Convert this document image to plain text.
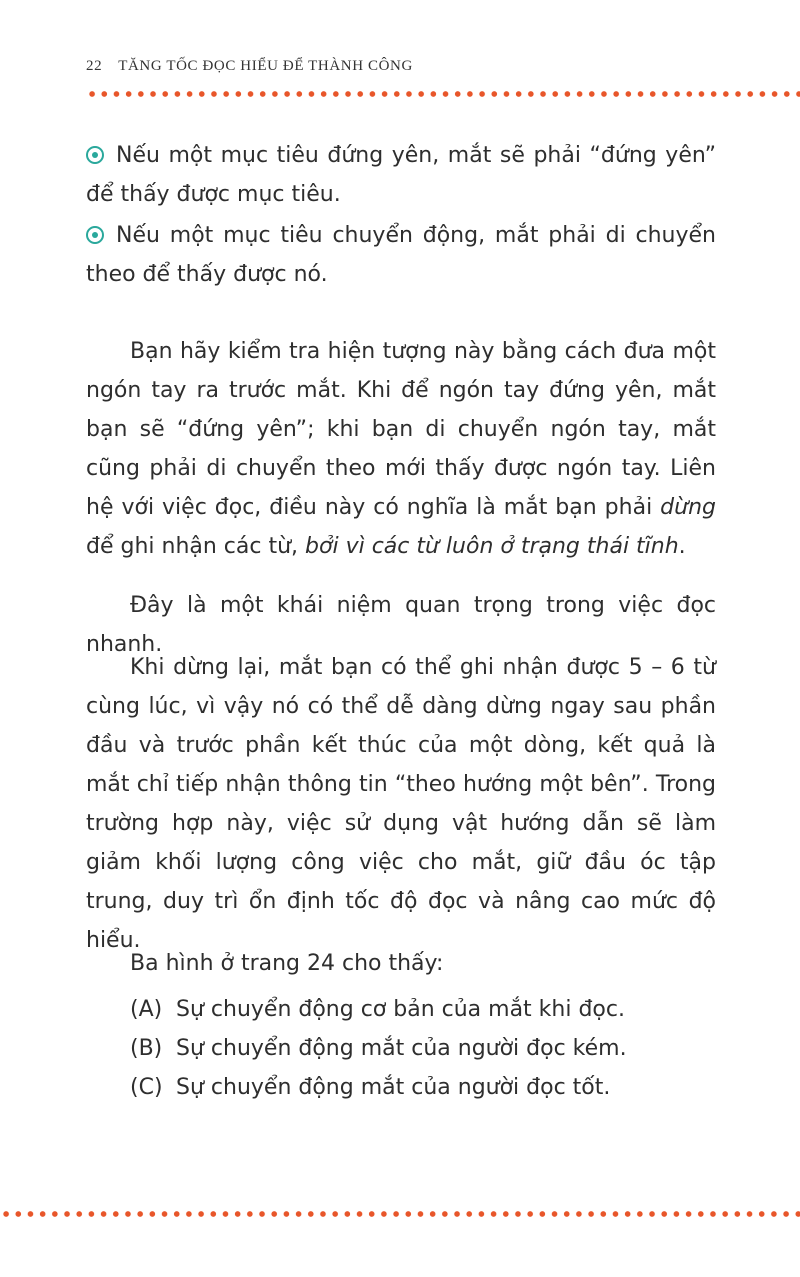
22 TĂNG TỐC ĐỌC HIỂU ĐỂ THÀNH CÔNG
Nếu một mục tiêu đứng yên, mắt sẽ phải “đứng yên” để thấy được mục tiêu.
Nếu một mục tiêu chuyển động, mắt phải di chuyển theo để thấy được nó.
Bạn hãy kiểm tra hiện tượng này bằng cách đưa một ngón tay ra trước mắt. Khi để ngón tay đứng yên, mắt bạn sẽ “đứng yên”; khi bạn di chuyển ngón tay, mắt cũng phải di chuyển theo mới thấy được ngón tay. Liên hệ với việc đọc, điều này có nghĩa là mắt bạn phải dừng để ghi nhận các từ, bởi vì các từ luôn ở trạng thái tĩnh.
Đây là một khái niệm quan trọng trong việc đọc nhanh.
Khi dừng lại, mắt bạn có thể ghi nhận được 5 – 6 từ cùng lúc, vì vậy nó có thể dễ dàng dừng ngay sau phần đầu và trước phần kết thúc của một dòng, kết quả là mắt chỉ tiếp nhận thông tin “theo hướng một bên”. Trong trường hợp này, việc sử dụng vật hướng dẫn sẽ làm giảm khối lượng công việc cho mắt, giữ đầu óc tập trung, duy trì ổn định tốc độ đọc và nâng cao mức độ hiểu.
Ba hình ở trang 24 cho thấy:
(A) Sự chuyển động cơ bản của mắt khi đọc.
(B) Sự chuyển động mắt của người đọc kém.
(C) Sự chuyển động mắt của người đọc tốt.
